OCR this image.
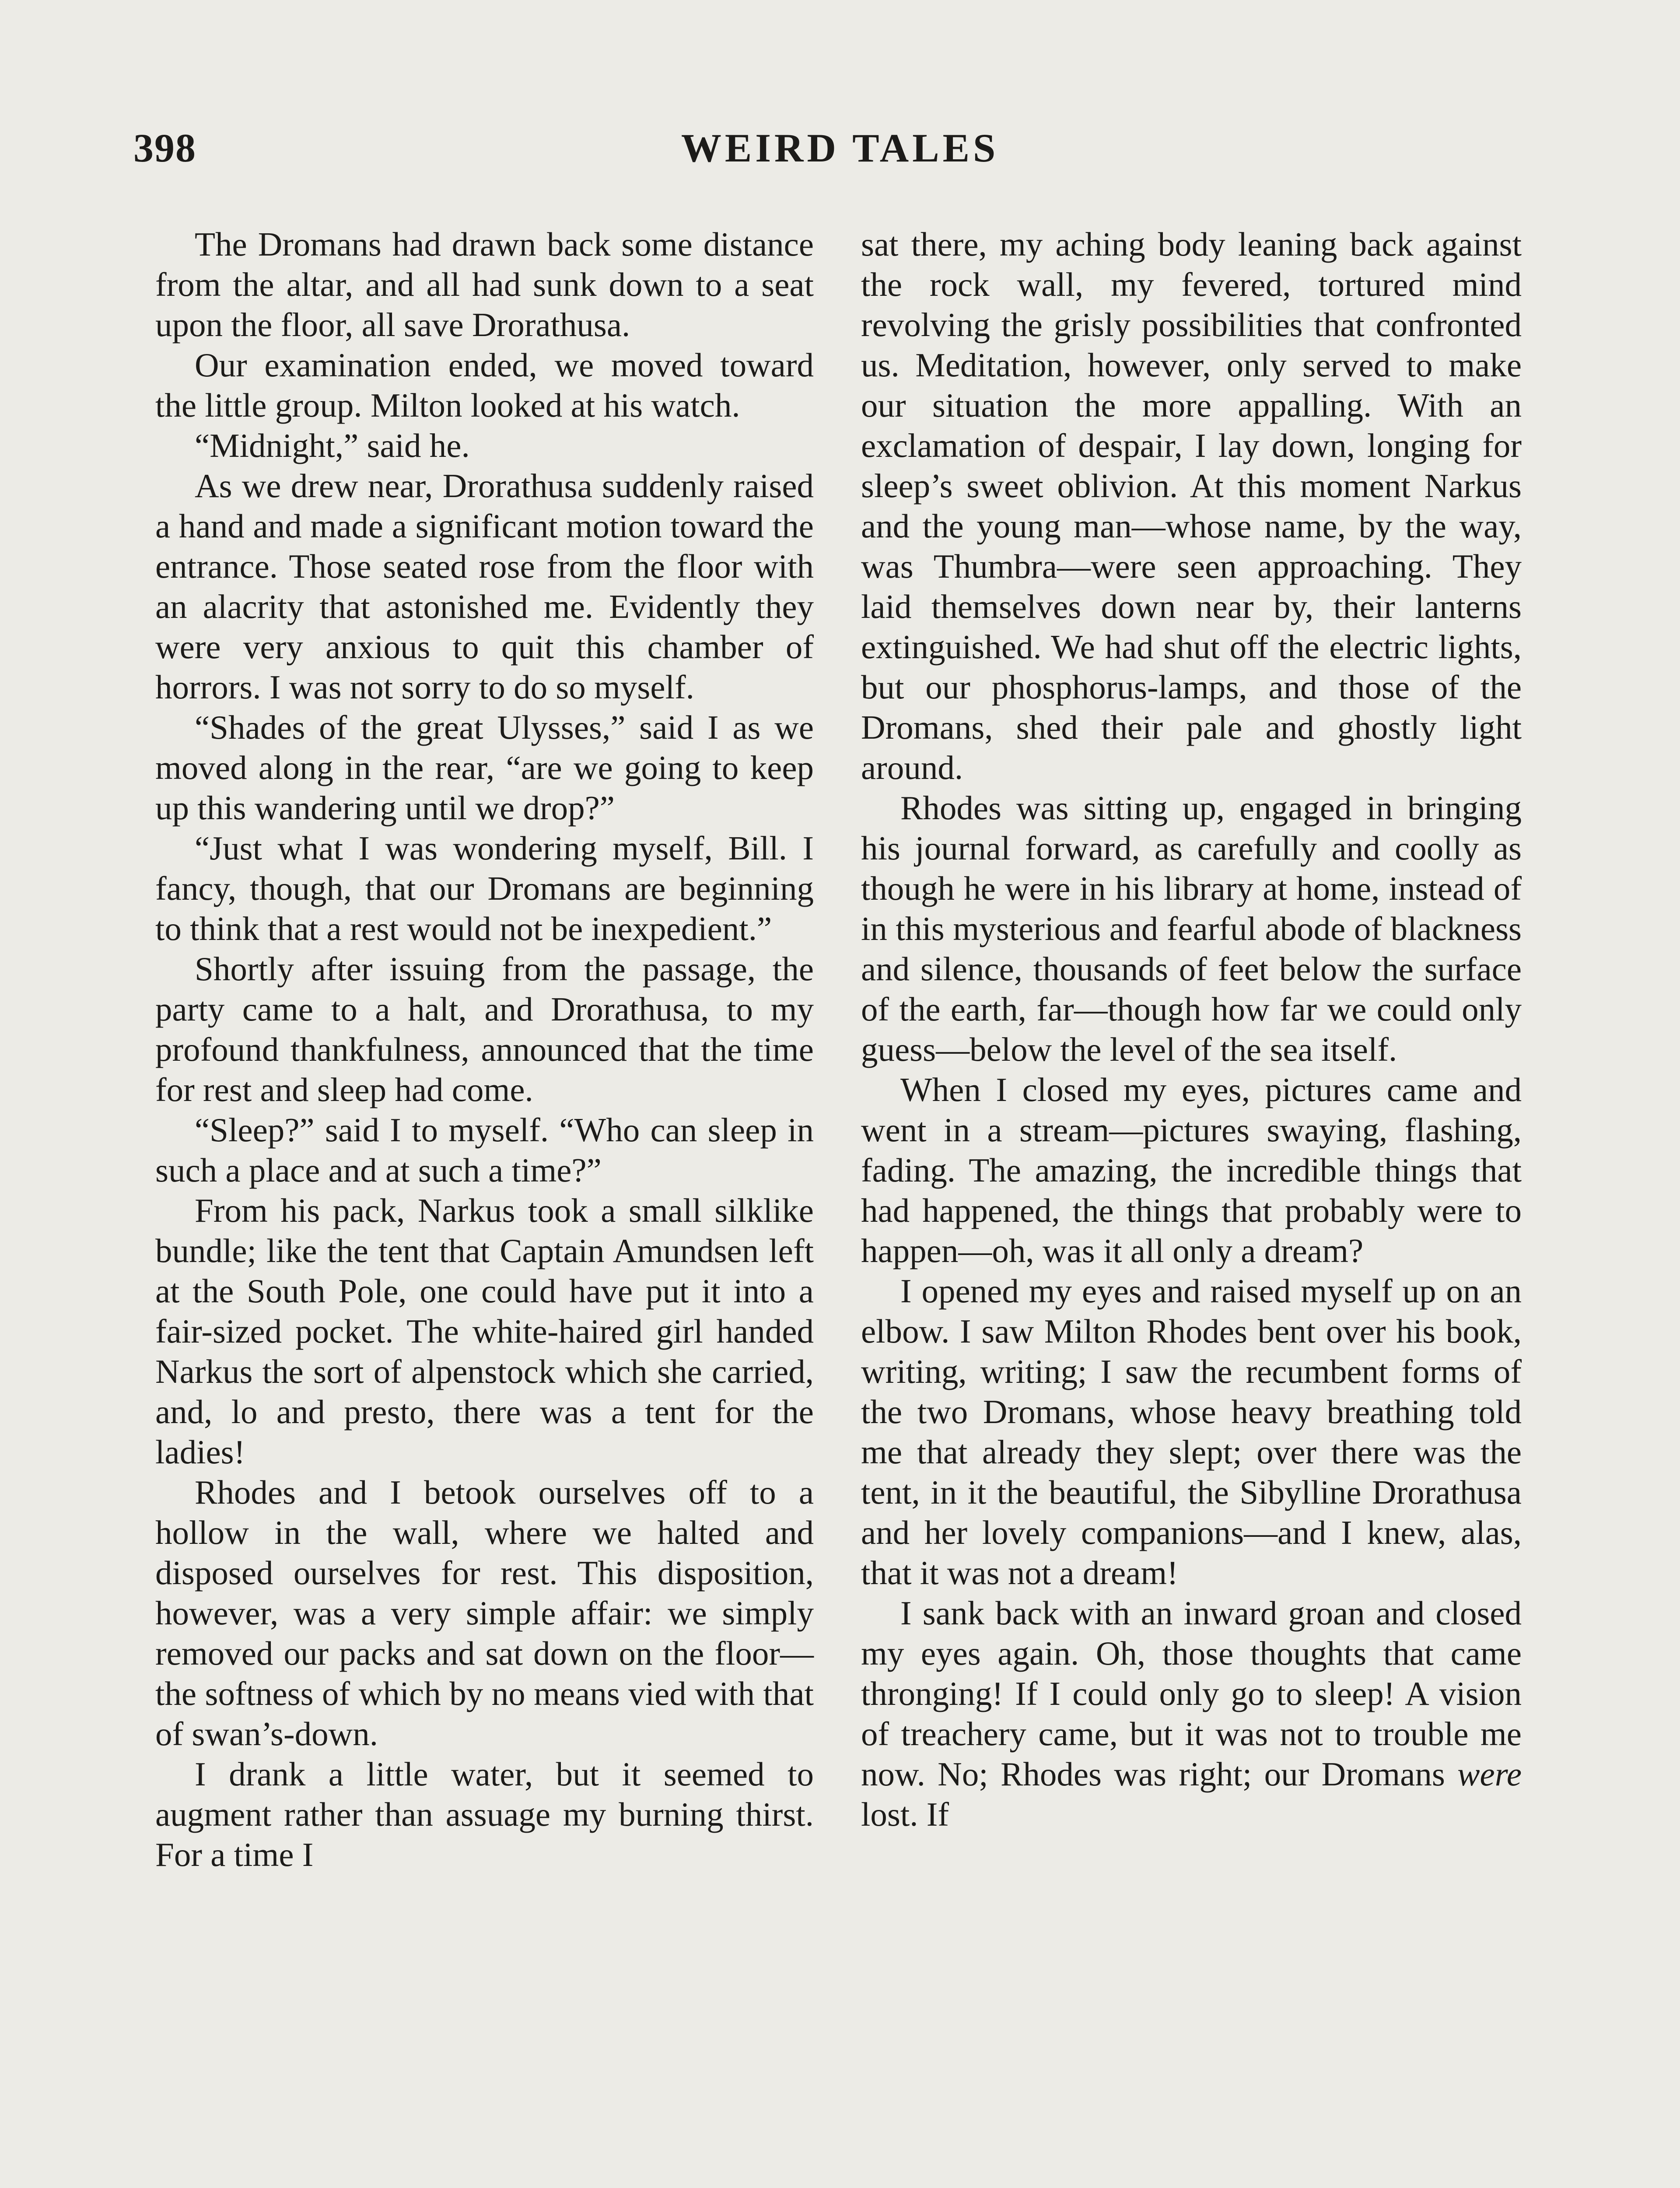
398	WEIRD TALES

The Dromans had drawn back some distance from the altar, and all had sunk down to a seat upon the floor, all save Drorathusa.

Our examination ended, we moved toward the little group. Milton looked at his watch.

“Midnight,” said he.

As we drew near, Drorathusa suddenly raised a hand and made a significant motion toward the entrance. Those seated rose from the floor with an alacrity that astonished me. Evidently they were very anxious to quit this chamber of horrors. I was not sorry to do so myself.

“Shades of the great Ulysses,” said I as we moved along in the rear, “are we going to keep up this wandering until we drop?”

“Just what I was wondering myself, Bill. I fancy, though, that our Dromans are beginning to think that a rest would not be inexpedient.”

Shortly after issuing from the passage, the party came to a halt, and Drorathusa, to my profound thankfulness, announced that the time for rest and sleep had come.

“Sleep?” said I to myself. “Who can sleep in such a place and at such a time?”

From his pack, Narkus took a small silklike bundle; like the tent that Captain Amundsen left at the South Pole, one could have put it into a fair-sized pocket. The white-haired girl handed Narkus the sort of alpenstock which she carried, and, lo and presto, there was a tent for the ladies!

Rhodes and I betook ourselves off to a hollow in the wall, where we halted and disposed ourselves for rest. This disposition, however, was a very simple affair: we simply removed our packs and sat down on the floor—the softness of which by no means vied with that of swan’s-down.

I drank a little water, but it seemed to augment rather than assuage my burning thirst. For a time I

sat there, my aching body leaning back against the rock wall, my fevered, tortured mind revolving the grisly possibilities that confronted us. Meditation, however, only served to make our situation the more appalling. With an exclamation of despair, I lay down, longing for sleep’s sweet oblivion. At this moment Narkus and the young man—whose name, by the way, was Thumbra—were seen approaching. They laid themselves down near by, their lanterns extinguished. We had shut off the electric lights, but our phosphorus-lamps, and those of the Dromans, shed their pale and ghostly light around.

Rhodes was sitting up, engaged in bringing his journal forward, as carefully and coolly as though he were in his library at home, instead of in this mysterious and fearful abode of blackness and silence, thousands of feet below the surface of the earth, far—though how far we could only guess—below the level of the sea itself.

When I closed my eyes, pictures came and went in a stream—pictures swaying, flashing, fading. The amazing, the incredible things that had happened, the things that probably were to happen—oh, was it all only a dream?

I opened my eyes and raised myself up on an elbow. I saw Milton Rhodes bent over his book, writing, writing; I saw the recumbent forms of the two Dromans, whose heavy breathing told me that already they slept; over there was the tent, in it the beautiful, the Sibylline Drorathusa and her lovely companions—and I knew, alas, that it was not a dream!

I sank back with an inward groan and closed my eyes again. Oh, those thoughts that came thronging! If I could only go to sleep! A vision of treachery came, but it was not to trouble me now. No; Rhodes was right; our Dromans were lost. If
